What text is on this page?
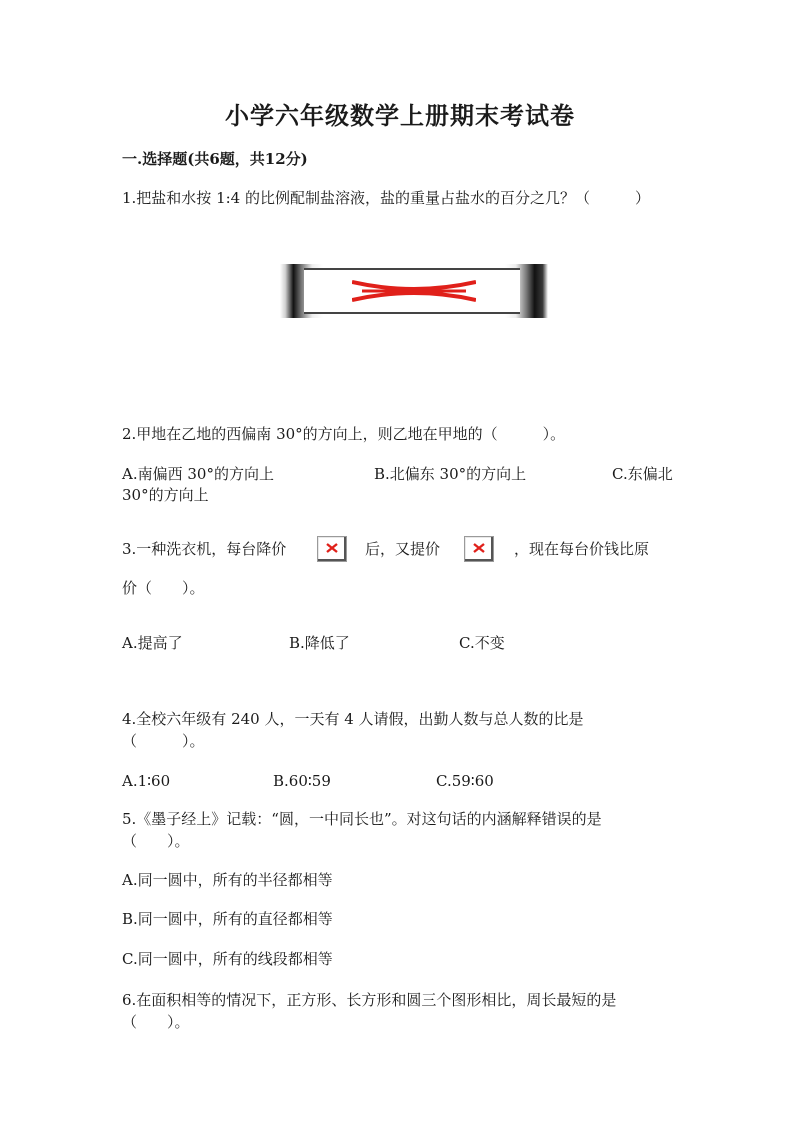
小学六年级数学上册期末考试卷
一.选择题(共6题，共12分)
1.把盐和水按 1:4 的比例配制盐溶液，盐的重量占盐水的百分之几？（　　　）
2.甲地在乙地的西偏南 30°的方向上，则乙地在甲地的（　　　）。
A.南偏西 30°的方向上	B.北偏东 30°的方向上	C.东偏北
30°的方向上
3.一种洗衣机，每台降价	后，又提价	，现在每台价钱比原
价（　　）。
A.提高了	B.降低了	C.不变
4.全校六年级有 240 人，一天有 4 人请假，出勤人数与总人数的比是
（　　　）。
A.1∶60	B.60∶59	C.59∶60
5.《墨子经上》记载：“圆，一中同长也”。对这句话的内涵解释错误的是
（　　）。
A.同一圆中，所有的半径都相等
B.同一圆中，所有的直径都相等
C.同一圆中，所有的线段都相等
6.在面积相等的情况下，正方形、长方形和圆三个图形相比，周长最短的是
（　　）。
